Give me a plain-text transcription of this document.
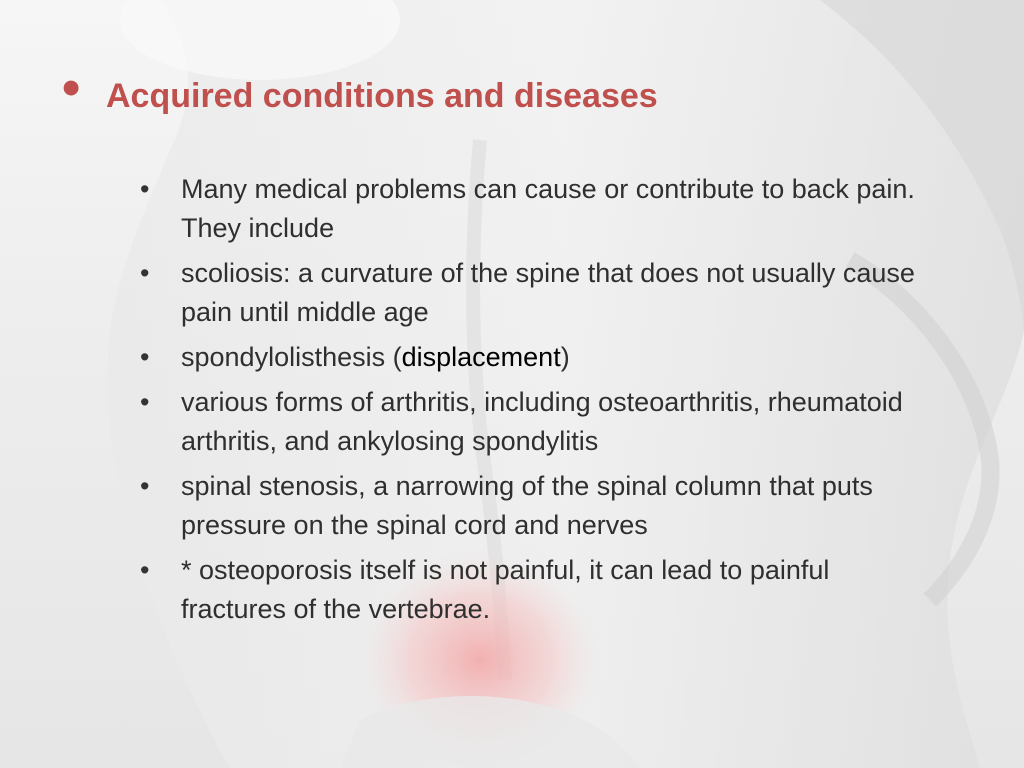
• Acquired conditions and diseases
•	Many medical problems can cause or contribute to back pain. They include
•	scoliosis: a curvature of the spine that does not usually cause pain until middle age
•	spondylolisthesis (displacement)
•	various forms of arthritis, including osteoarthritis, rheumatoid arthritis, and ankylosing spondylitis
•	spinal stenosis, a narrowing of the spinal column that puts pressure on the spinal cord and nerves
•	* osteoporosis itself is not painful, it can lead to painful fractures of the vertebrae.
